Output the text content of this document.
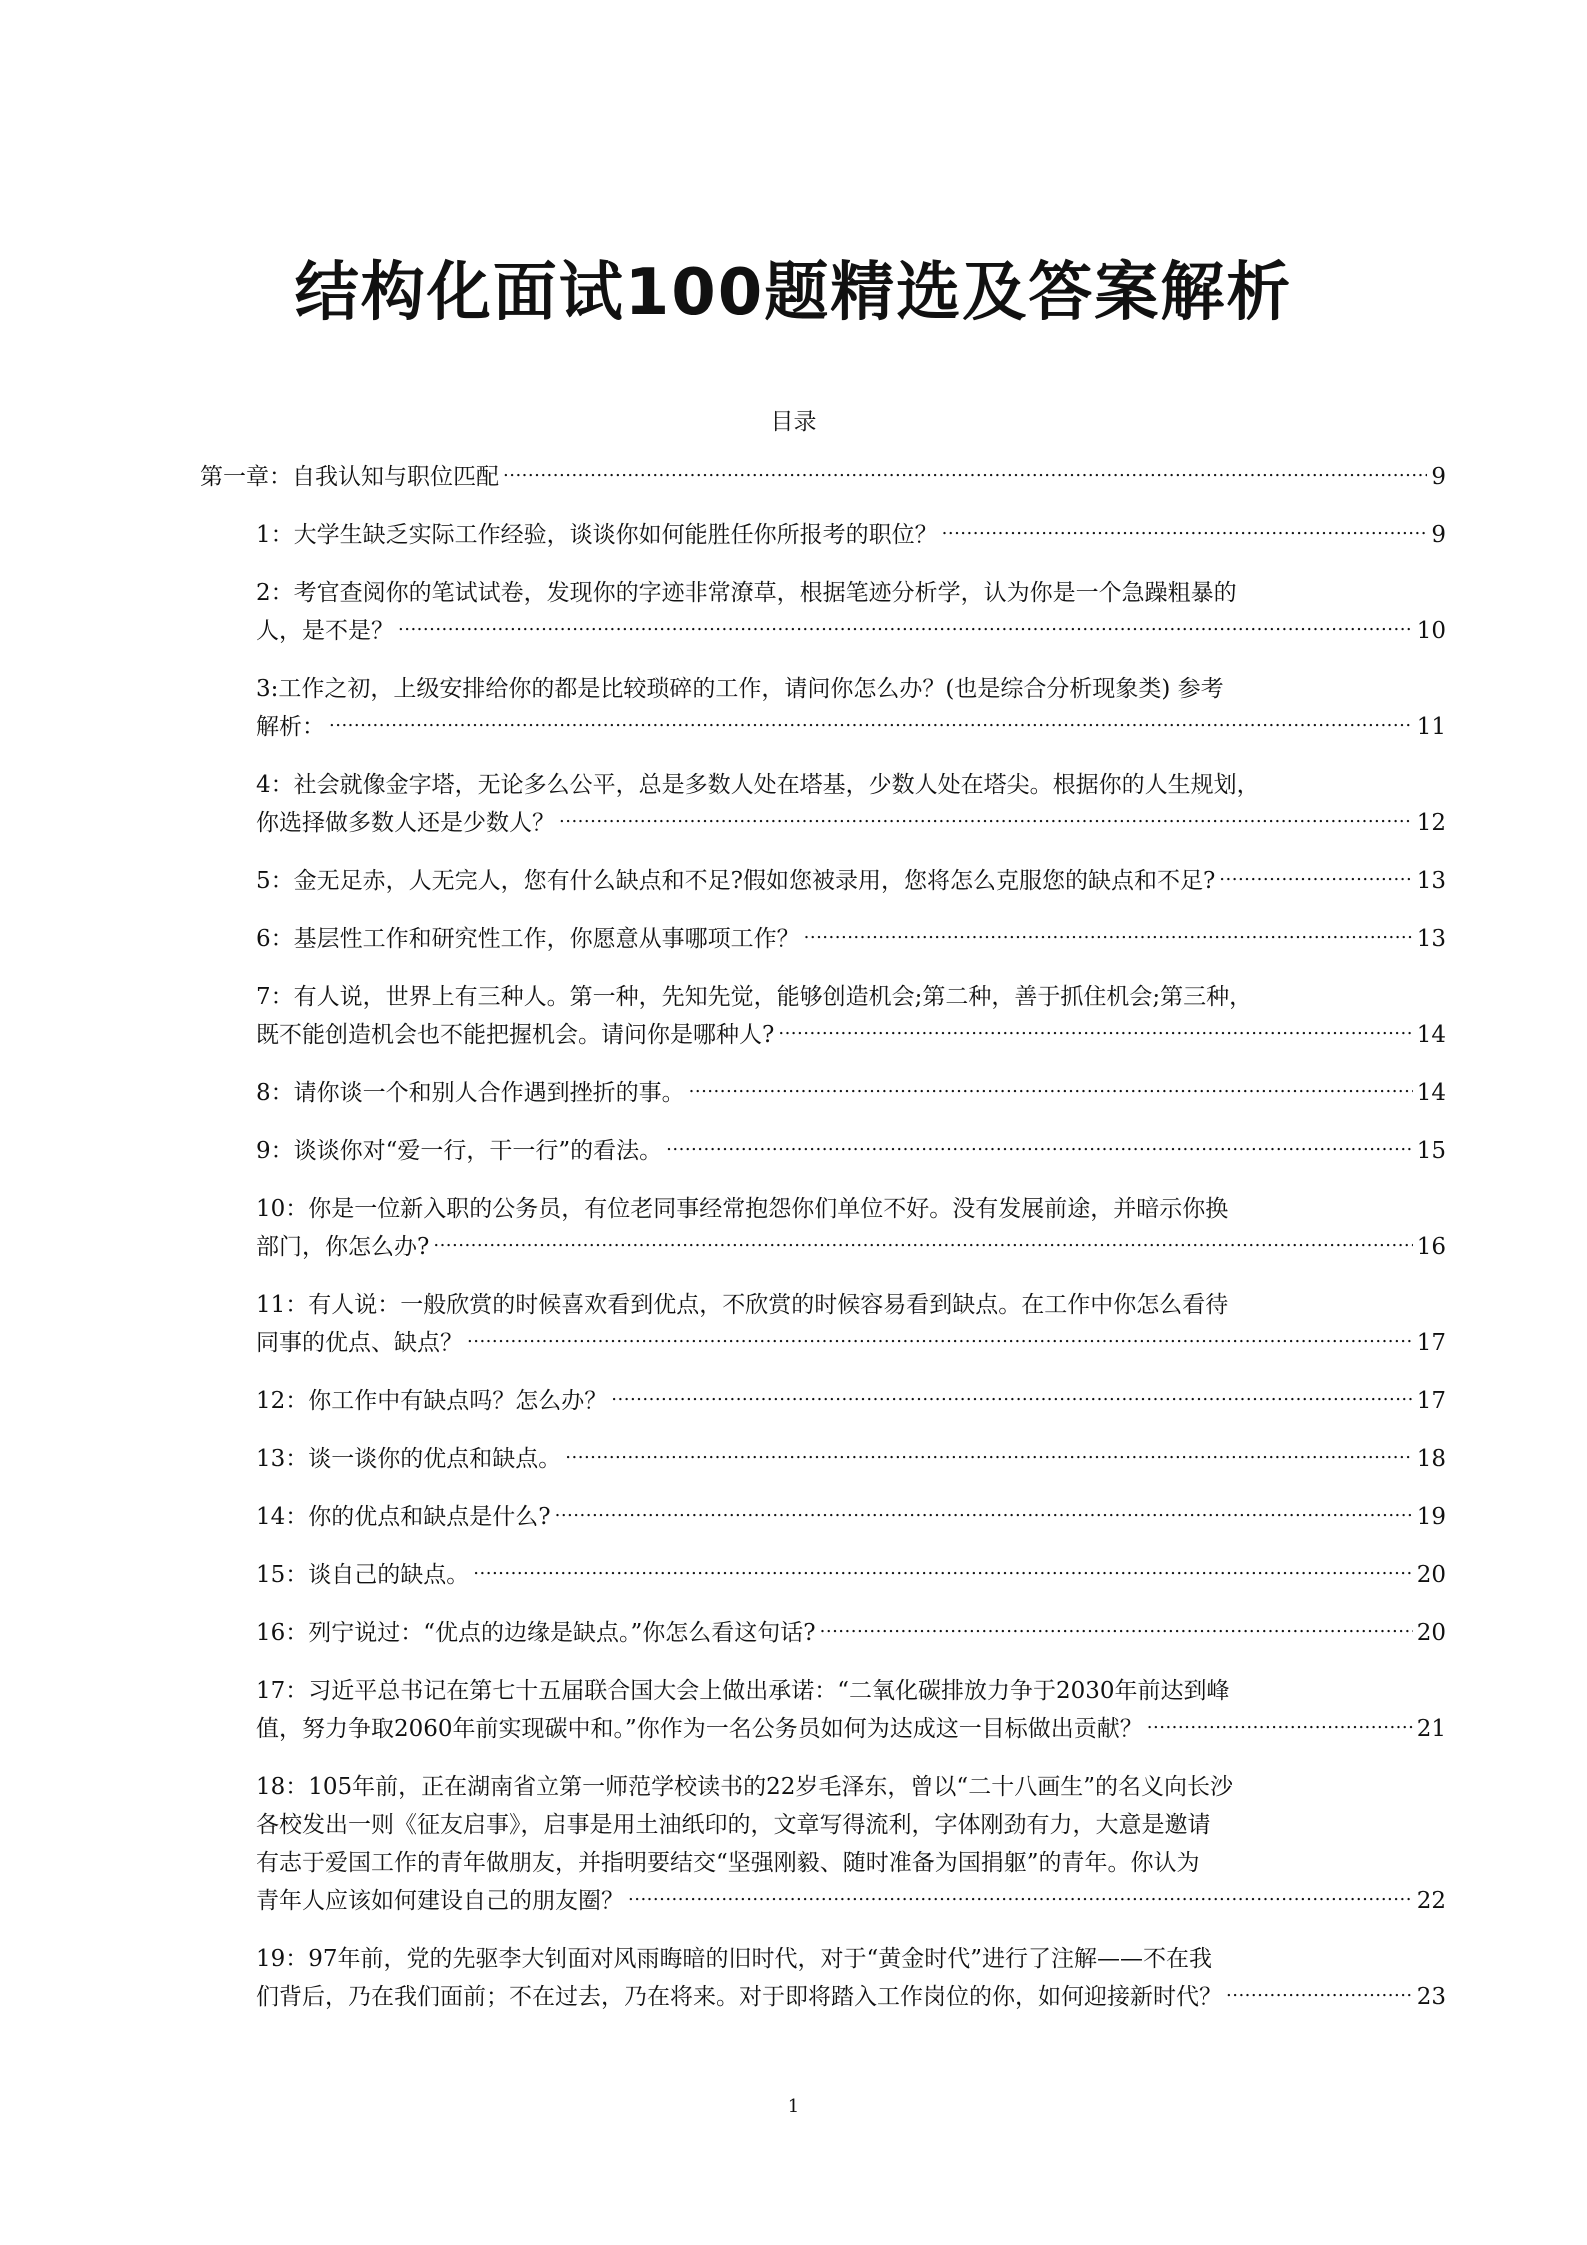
结构化面试100题精选及答案解析
目录
第一章：自我认知与职位匹配 .....	9
1：大学生缺乏实际工作经验，谈谈你如何能胜任你所报考的职位？ .....	9
2：考官查阅你的笔试试卷，发现你的字迹非常潦草，根据笔迹分析学，认为你是一个急躁粗暴的
人，是不是？ .....	10
3:工作之初，上级安排给你的都是比较琐碎的工作，请问你怎么办？(也是综合分析现象类) 参考
解析： .....	11
4：社会就像金字塔，无论多么公平，总是多数人处在塔基，少数人处在塔尖。根据你的人生规划，
你选择做多数人还是少数人？ .....	12
5：金无足赤，人无完人，您有什么缺点和不足?假如您被录用，您将怎么克服您的缺点和不足? .....	13
6：基层性工作和研究性工作，你愿意从事哪项工作？ .....	13
7：有人说，世界上有三种人。第一种，先知先觉，能够创造机会;第二种，善于抓住机会;第三种，
既不能创造机会也不能把握机会。请问你是哪种人? .....	14
8：请你谈一个和别人合作遇到挫折的事。 .....	14
9：谈谈你对“爱一行，干一行”的看法。 .....	15
10：你是一位新入职的公务员，有位老同事经常抱怨你们单位不好。没有发展前途，并暗示你换
部门，你怎么办? .....	16
11：有人说：一般欣赏的时候喜欢看到优点，不欣赏的时候容易看到缺点。在工作中你怎么看待
同事的优点、缺点？ .....	17
12：你工作中有缺点吗？怎么办？ .....	17
13：谈一谈你的优点和缺点。 .....	18
14：你的优点和缺点是什么? .....	19
15：谈自己的缺点。 .....	20
16：列宁说过：“优点的边缘是缺点。”你怎么看这句话? .....	20
17：习近平总书记在第七十五届联合国大会上做出承诺：“二氧化碳排放力争于2030年前达到峰
值，努力争取2060年前实现碳中和。”你作为一名公务员如何为达成这一目标做出贡献？ .....	21
18：105年前，正在湖南省立第一师范学校读书的22岁毛泽东，曾以“二十八画生”的名义向长沙
各校发出一则《征友启事》，启事是用土油纸印的，文章写得流利，字体刚劲有力，大意是邀请
有志于爱国工作的青年做朋友，并指明要结交“坚强刚毅、随时准备为国捐躯”的青年。你认为
青年人应该如何建设自己的朋友圈？ .....	22
19：97年前，党的先驱李大钊面对风雨晦暗的旧时代，对于“黄金时代”进行了注解——不在我
们背后，乃在我们面前；不在过去，乃在将来。对于即将踏入工作岗位的你，如何迎接新时代？ .....	23
1
